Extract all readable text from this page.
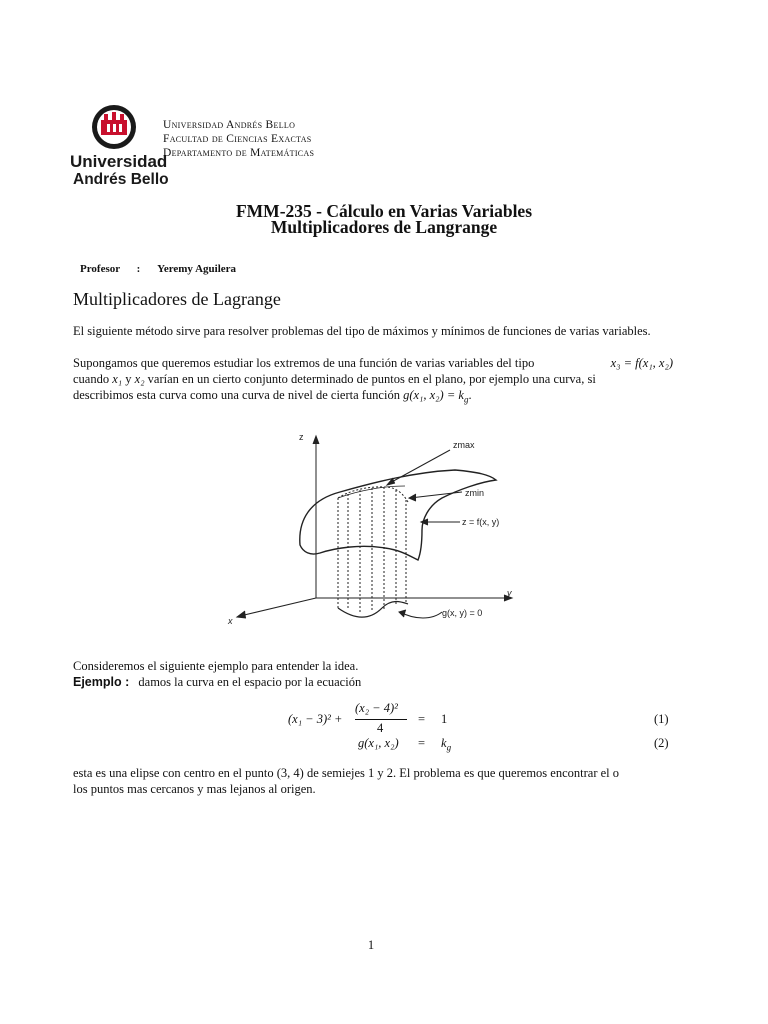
Universidad
Andrés Bello
Universidad Andrés Bello
Facultad de Ciencias Exactas
Departamento de Matemáticas
FMM-235 - Cálculo en Varias Variables
Multiplicadores de Langrange
Profesor : Yeremy Aguilera
Multiplicadores de Lagrange
El siguiente método sirve para resolver problemas del tipo de máximos y mínimos de funciones de varias variables.
Supongamos que queremos estudiar los extremos de una función de varias variables del tipo	x₃ = f(x₁, x₂)
cuando x₁ y x₂ varían en un cierto conjunto determinado de puntos en el plano, por ejemplo una curva, si
describimos esta curva como una curva de nivel de cierta función g(x₁, $x_2) = k_g$.
z
y
x
zmax
zmin
z = f(x, y)
g(x, y) = 0
Consideremos el siguiente ejemplo para entender la idea.
Ejemplo : damos la curva en el espacio por la ecuación
(x₁ − 3)² +
(x₂ − 4)²
4
= 1	(1)
g(x₁, $x_2) = k_g$	(2)
esta es una elipse con centro en el punto (3, 4) de semiejes 1 y 2. El problema es que queremos encontrar el o
los puntos mas cercanos y mas lejanos al origen.
1
